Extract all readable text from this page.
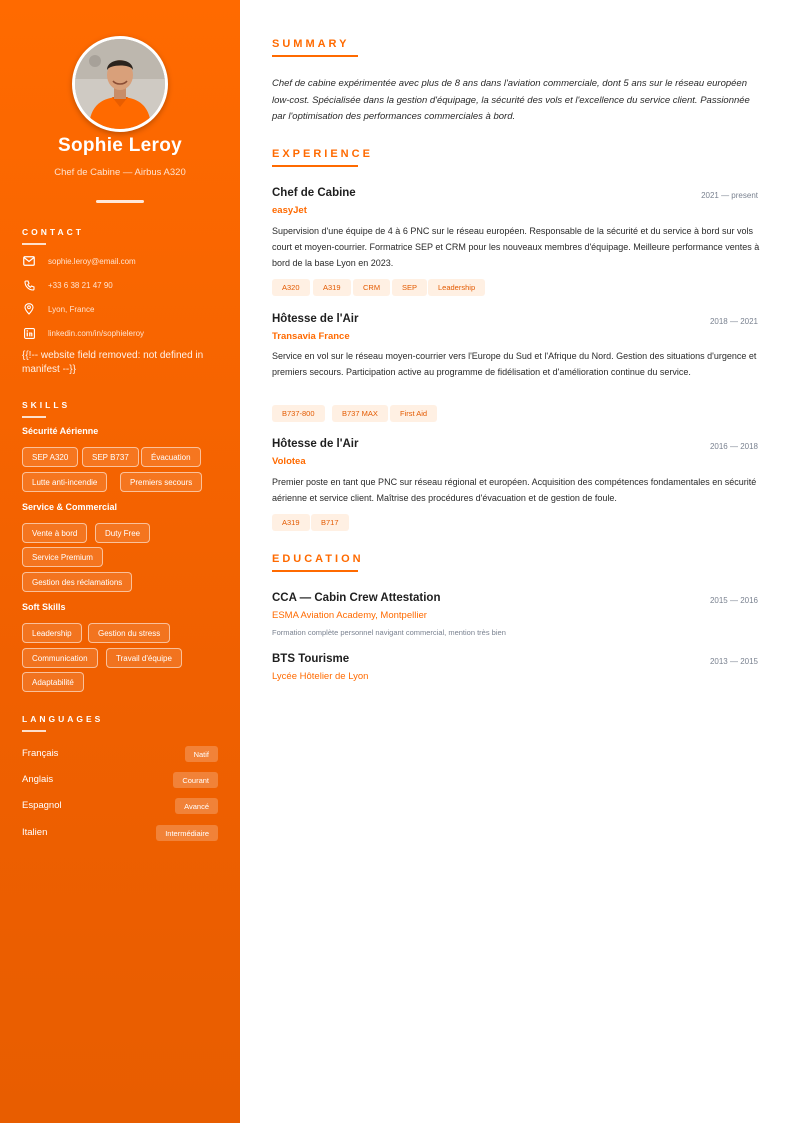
Sophie Leroy
Chef de Cabine — Airbus A320
CONTACT
sophie.leroy@email.com
+33 6 38 21 47 90
Lyon, France
linkedin.com/in/sophieleroy
{{!-- website field removed: not defined in manifest --}}
SKILLS
Sécurité Aérienne
SEP A320	SEP B737	Évacuation
Lutte anti-incendie	Premiers secours
Service & Commercial
Vente à bord	Duty Free
Service Premium
Gestion des réclamations
Soft Skills
Leadership	Gestion du stress
Communication	Travail d'équipe
Adaptabilité
LANGUAGES
Français	Natif
Anglais	Courant
Espagnol	Avancé
Italien	Intermédiaire
SUMMARY

Chef de cabine expérimentée avec plus de 8 ans dans l'aviation commerciale, dont 5 ans sur le réseau européen low-cost. Spécialisée dans la gestion d'équipage, la sécurité des vols et l'excellence du service client. Passionnée par l'optimisation des performances commerciales à bord.

EXPERIENCE
Chef de Cabine	2021 — present
easyJet

Supervision d'une équipe de 4 à 6 PNC sur le réseau européen. Responsable de la sécurité et du service à bord sur vols court et moyen-courrier. Formatrice SEP et CRM pour les nouveaux membres d'équipage. Meilleure performance ventes à bord de la base Lyon en 2023.

A320	A319	CRM	SEP	Leadership
Hôtesse de l'Air	2018 — 2021
Transavia France

Service en vol sur le réseau moyen-courrier vers l'Europe du Sud et l'Afrique du Nord. Gestion des situations d'urgence et premiers secours. Participation active au programme de fidélisation et d'amélioration continue du service.

B737-800	B737 MAX	First Aid
Hôtesse de l'Air	2016 — 2018
Volotea

Premier poste en tant que PNC sur réseau régional et européen. Acquisition des compétences fondamentales en sécurité aérienne et service client. Maîtrise des procédures d'évacuation et de gestion de foule.

A319	B717
EDUCATION
CCA — Cabin Crew Attestation	2015 — 2016
ESMA Aviation Academy, Montpellier
Formation complète personnel navigant commercial, mention très bien
BTS Tourisme	2013 — 2015
Lycée Hôtelier de Lyon
